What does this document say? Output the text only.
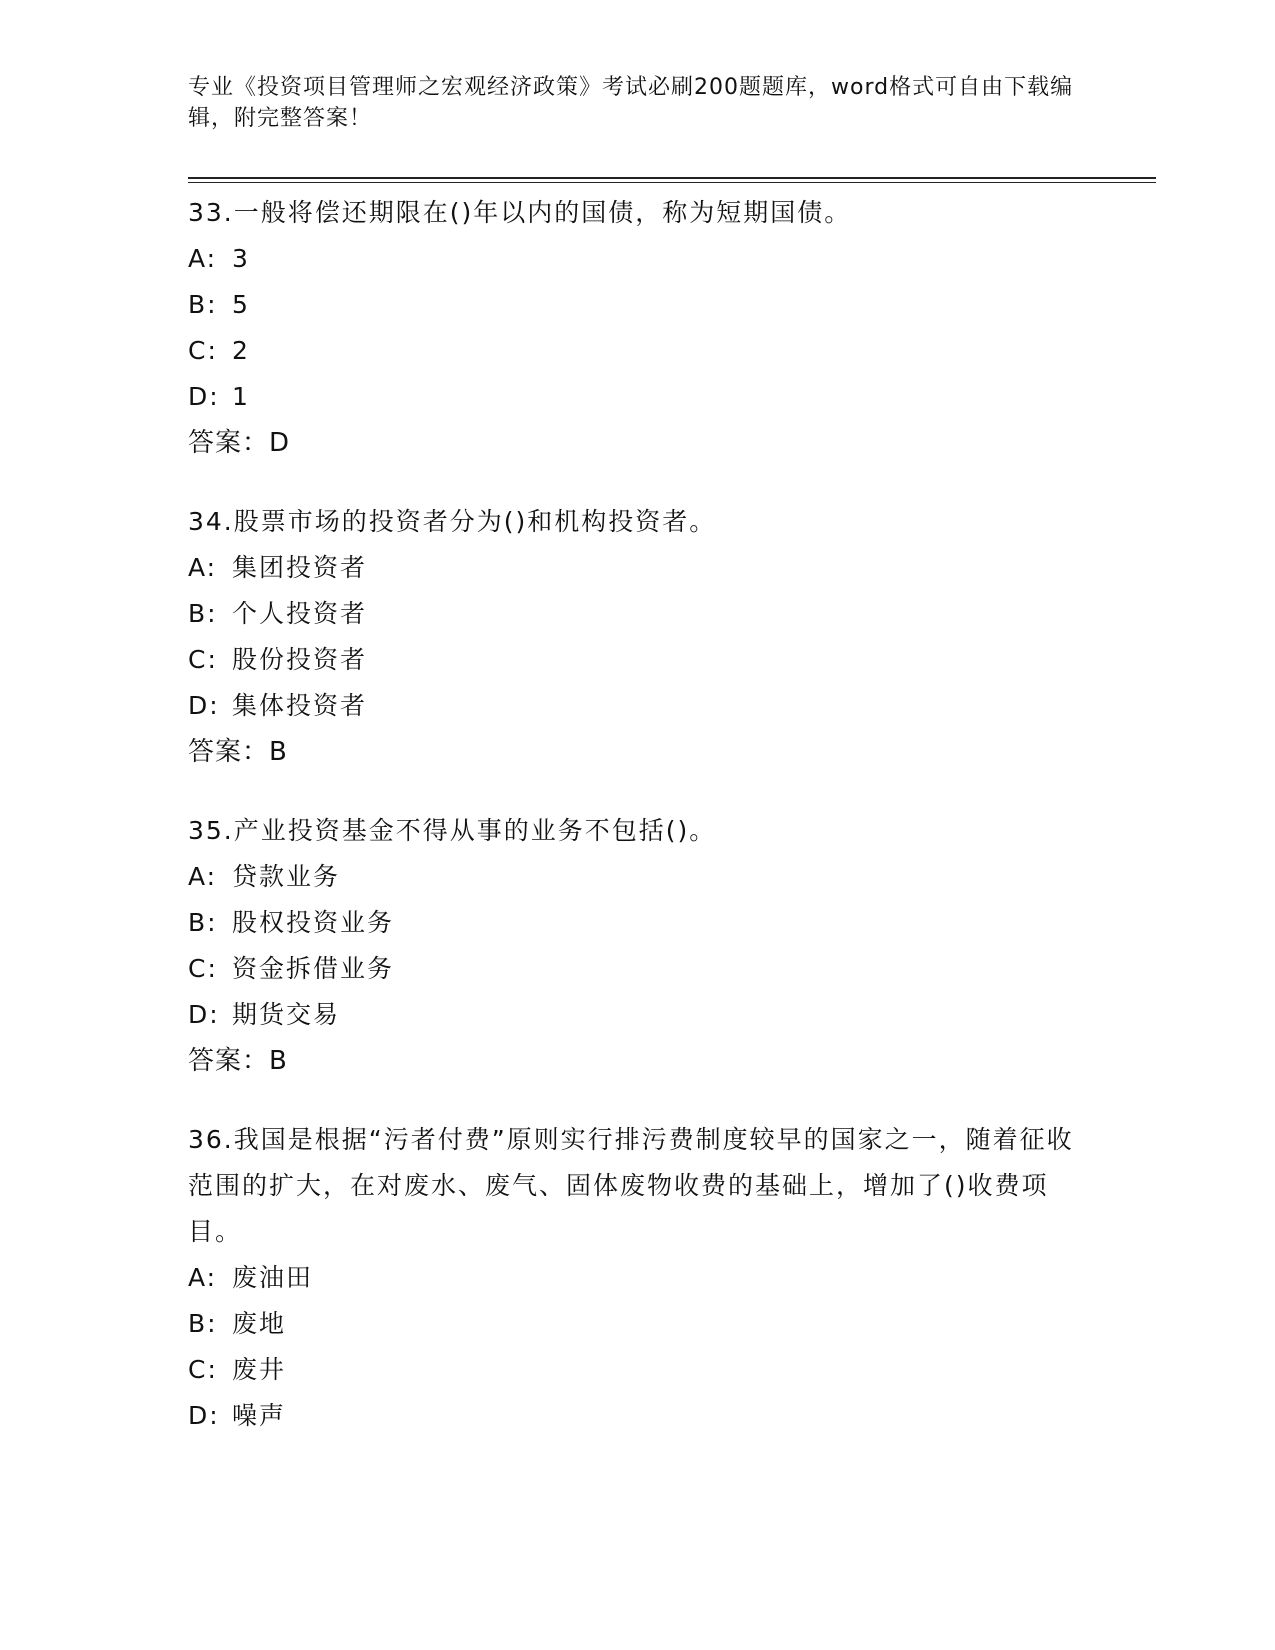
专业《投资项目管理师之宏观经济政策》考试必刷200题题库，word格式可自由下载编辑，附完整答案！
33.一般将偿还期限在()年以内的国债，称为短期国债。
A: 3
B: 5
C: 2
D: 1
答案：D
34.股票市场的投资者分为()和机构投资者。
A: 集团投资者
B: 个人投资者
C: 股份投资者
D: 集体投资者
答案：B
35.产业投资基金不得从事的业务不包括()。
A: 贷款业务
B: 股权投资业务
C: 资金拆借业务
D: 期货交易
答案：B
36.我国是根据“污者付费”原则实行排污费制度较早的国家之一，随着征收范围的扩大，在对废水、废气、固体废物收费的基础上，增加了()收费项目。
A: 废油田
B: 废地
C: 废井
D: 噪声
